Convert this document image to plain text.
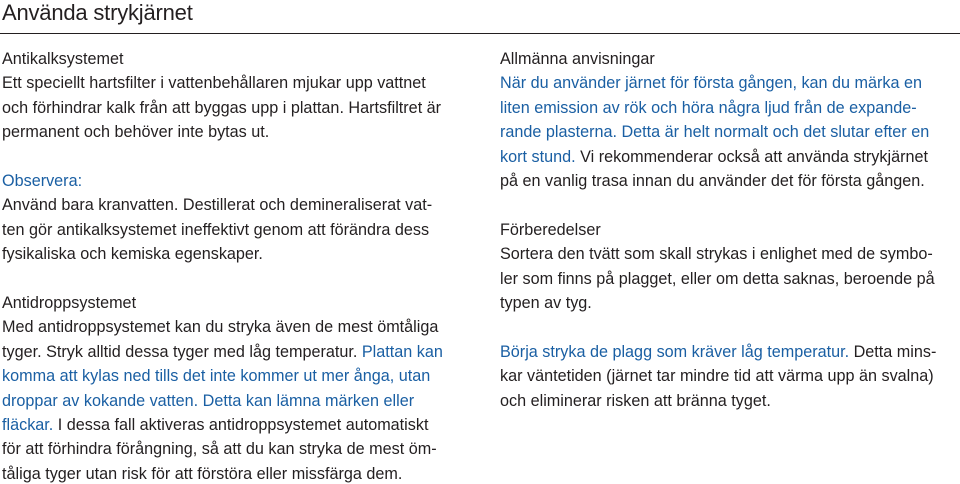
Använda strykjärnet
Antikalksystemet

Ett speciellt hartsfilter i vattenbehållaren mjukar upp vattnet
och förhindrar kalk från att byggas upp i plattan. Hartsfiltret är
permanent och behöver inte bytas ut.

Observera:

Använd bara kranvatten. Destillerat och demineraliserat vat-
ten gör antikalksystemet ineffektivt genom att förändra dess
fysikaliska och kemiska egenskaper.

Antidroppsystemet

Med antidroppsystemet kan du stryka även de mest ömtåliga
tyger. Stryk alltid dessa tyger med låg temperatur. Plattan kan
komma att kylas ned tills det inte kommer ut mer ånga, utan
droppar av kokande vatten. Detta kan lämna märken eller
fläckar. I dessa fall aktiveras antidroppsystemet automatiskt
för att förhindra förångning, så att du kan stryka de mest öm-
tåliga tyger utan risk för att förstöra eller missfärga dem.

Allmänna anvisningar

När du använder järnet för första gången, kan du märka en
liten emission av rök och höra några ljud från de expande-
rande plasterna. Detta är helt normalt och det slutar efter en
kort stund. Vi rekommenderar också att använda strykjärnet
på en vanlig trasa innan du använder det för första gången.

Förberedelser

Sortera den tvätt som skall strykas i enlighet med de symbo-
ler som finns på plagget, eller om detta saknas, beroende på
typen av tyg.

Börja stryka de plagg som kräver låg temperatur. Detta mins-
kar väntetiden (järnet tar mindre tid att värma upp än svalna)
och eliminerar risken att bränna tyget.
